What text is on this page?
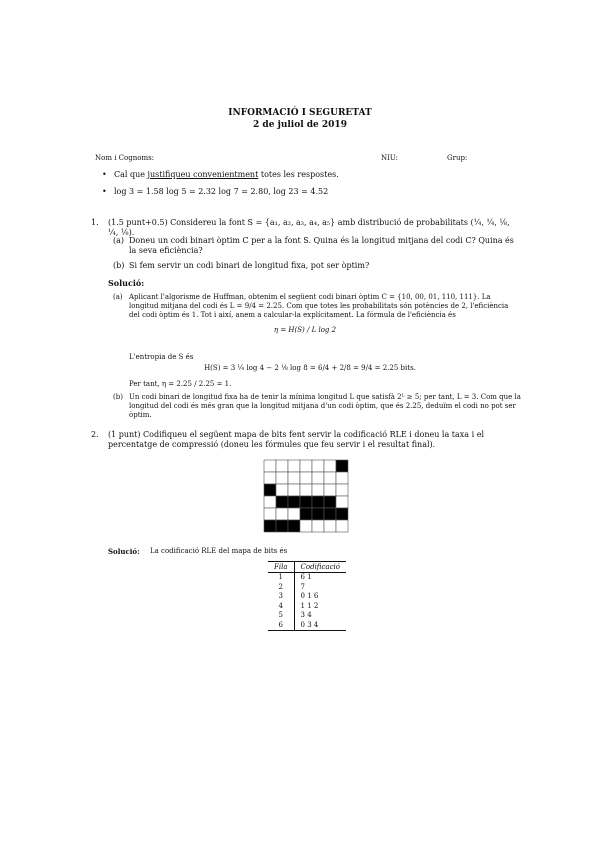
INFORMACIÓ I SEGURETAT
2 de juliol de 2019
Nom i Cognoms:	NIU:	Grup:
• Cal que justifiqueu convenientment totes les respostes.
• log 3 = 1.58 log 5 = 2.32 log 7 = 2.80, log 23 = 4.52
1. (1.5 punt+0.5) Considereu la font S = {a₁, a₂, a₃, a₄, a₅} amb distribució de probabilitats (¼, ¼, ⅛, ¼, ⅛).
(a) Doneu un codi binari òptim C per a la font S. Quina és la longitud mitjana del codi C? Quina és la seva eficiència?
(b) Si fem servir un codi binari de longitud fixa, pot ser òptim?
Solució:
(a) Aplicant l'algorisme de Huffman, obtenim el següent codi binari òptim C = {10, 00, 01, 110, 111}. La longitud mitjana del codi és L = 9/4 = 2.25. Com que totes les probabilitats són potències de 2, l'eficiència del codi òptim és 1. Tot i així, anem a calcular-la explícitament. La fórmula de l'eficiència és
η = H(S) / L log 2
L'entropia de S és
H(S) = 3 ¼ log 4 − 2 ⅛ log 8 = 6/4 + 2/8 = 9/4 = 2.25 bits.
Per tant, η = 2.25 / 2.25 = 1.
(b) Un codi binari de longitud fixa ha de tenir la mínima longitud L que satisfà 2ᴸ ≥ 5; per tant, L = 3. Com que la longitud del codi és més gran que la longitud mitjana d'un codi òptim, que és 2.25, deduïm el codi no pot ser òptim.
2. (1 punt) Codifiqueu el següent mapa de bits fent servir la codificació RLE i doneu la taxa i el percentatge de compressió (doneu les fórmules que feu servir i el resultat final).
Solució: La codificació RLE del mapa de bits és
Fila	Codificació
1	6 1
2	7
3	0 1 6
4	1 1 2
5	3 4
6	0 3 4
